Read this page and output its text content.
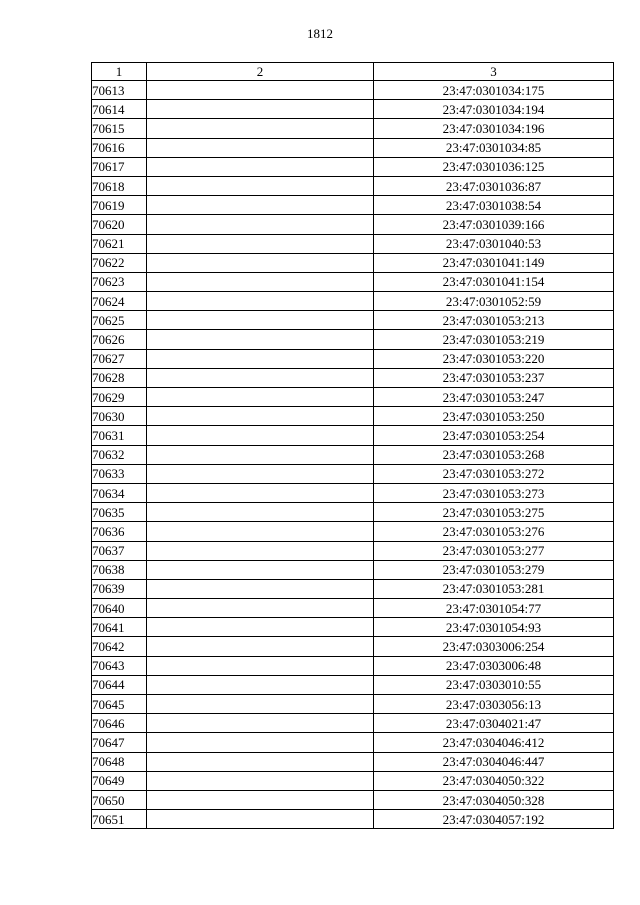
1812
1	2	3
70613		23:47:0301034:175
70614		23:47:0301034:194
70615		23:47:0301034:196
70616		23:47:0301034:85
70617		23:47:0301036:125
70618		23:47:0301036:87
70619		23:47:0301038:54
70620		23:47:0301039:166
70621		23:47:0301040:53
70622		23:47:0301041:149
70623		23:47:0301041:154
70624		23:47:0301052:59
70625		23:47:0301053:213
70626		23:47:0301053:219
70627		23:47:0301053:220
70628		23:47:0301053:237
70629		23:47:0301053:247
70630		23:47:0301053:250
70631		23:47:0301053:254
70632		23:47:0301053:268
70633		23:47:0301053:272
70634		23:47:0301053:273
70635		23:47:0301053:275
70636		23:47:0301053:276
70637		23:47:0301053:277
70638		23:47:0301053:279
70639		23:47:0301053:281
70640		23:47:0301054:77
70641		23:47:0301054:93
70642		23:47:0303006:254
70643		23:47:0303006:48
70644		23:47:0303010:55
70645		23:47:0303056:13
70646		23:47:0304021:47
70647		23:47:0304046:412
70648		23:47:0304046:447
70649		23:47:0304050:322
70650		23:47:0304050:328
70651		23:47:0304057:192
